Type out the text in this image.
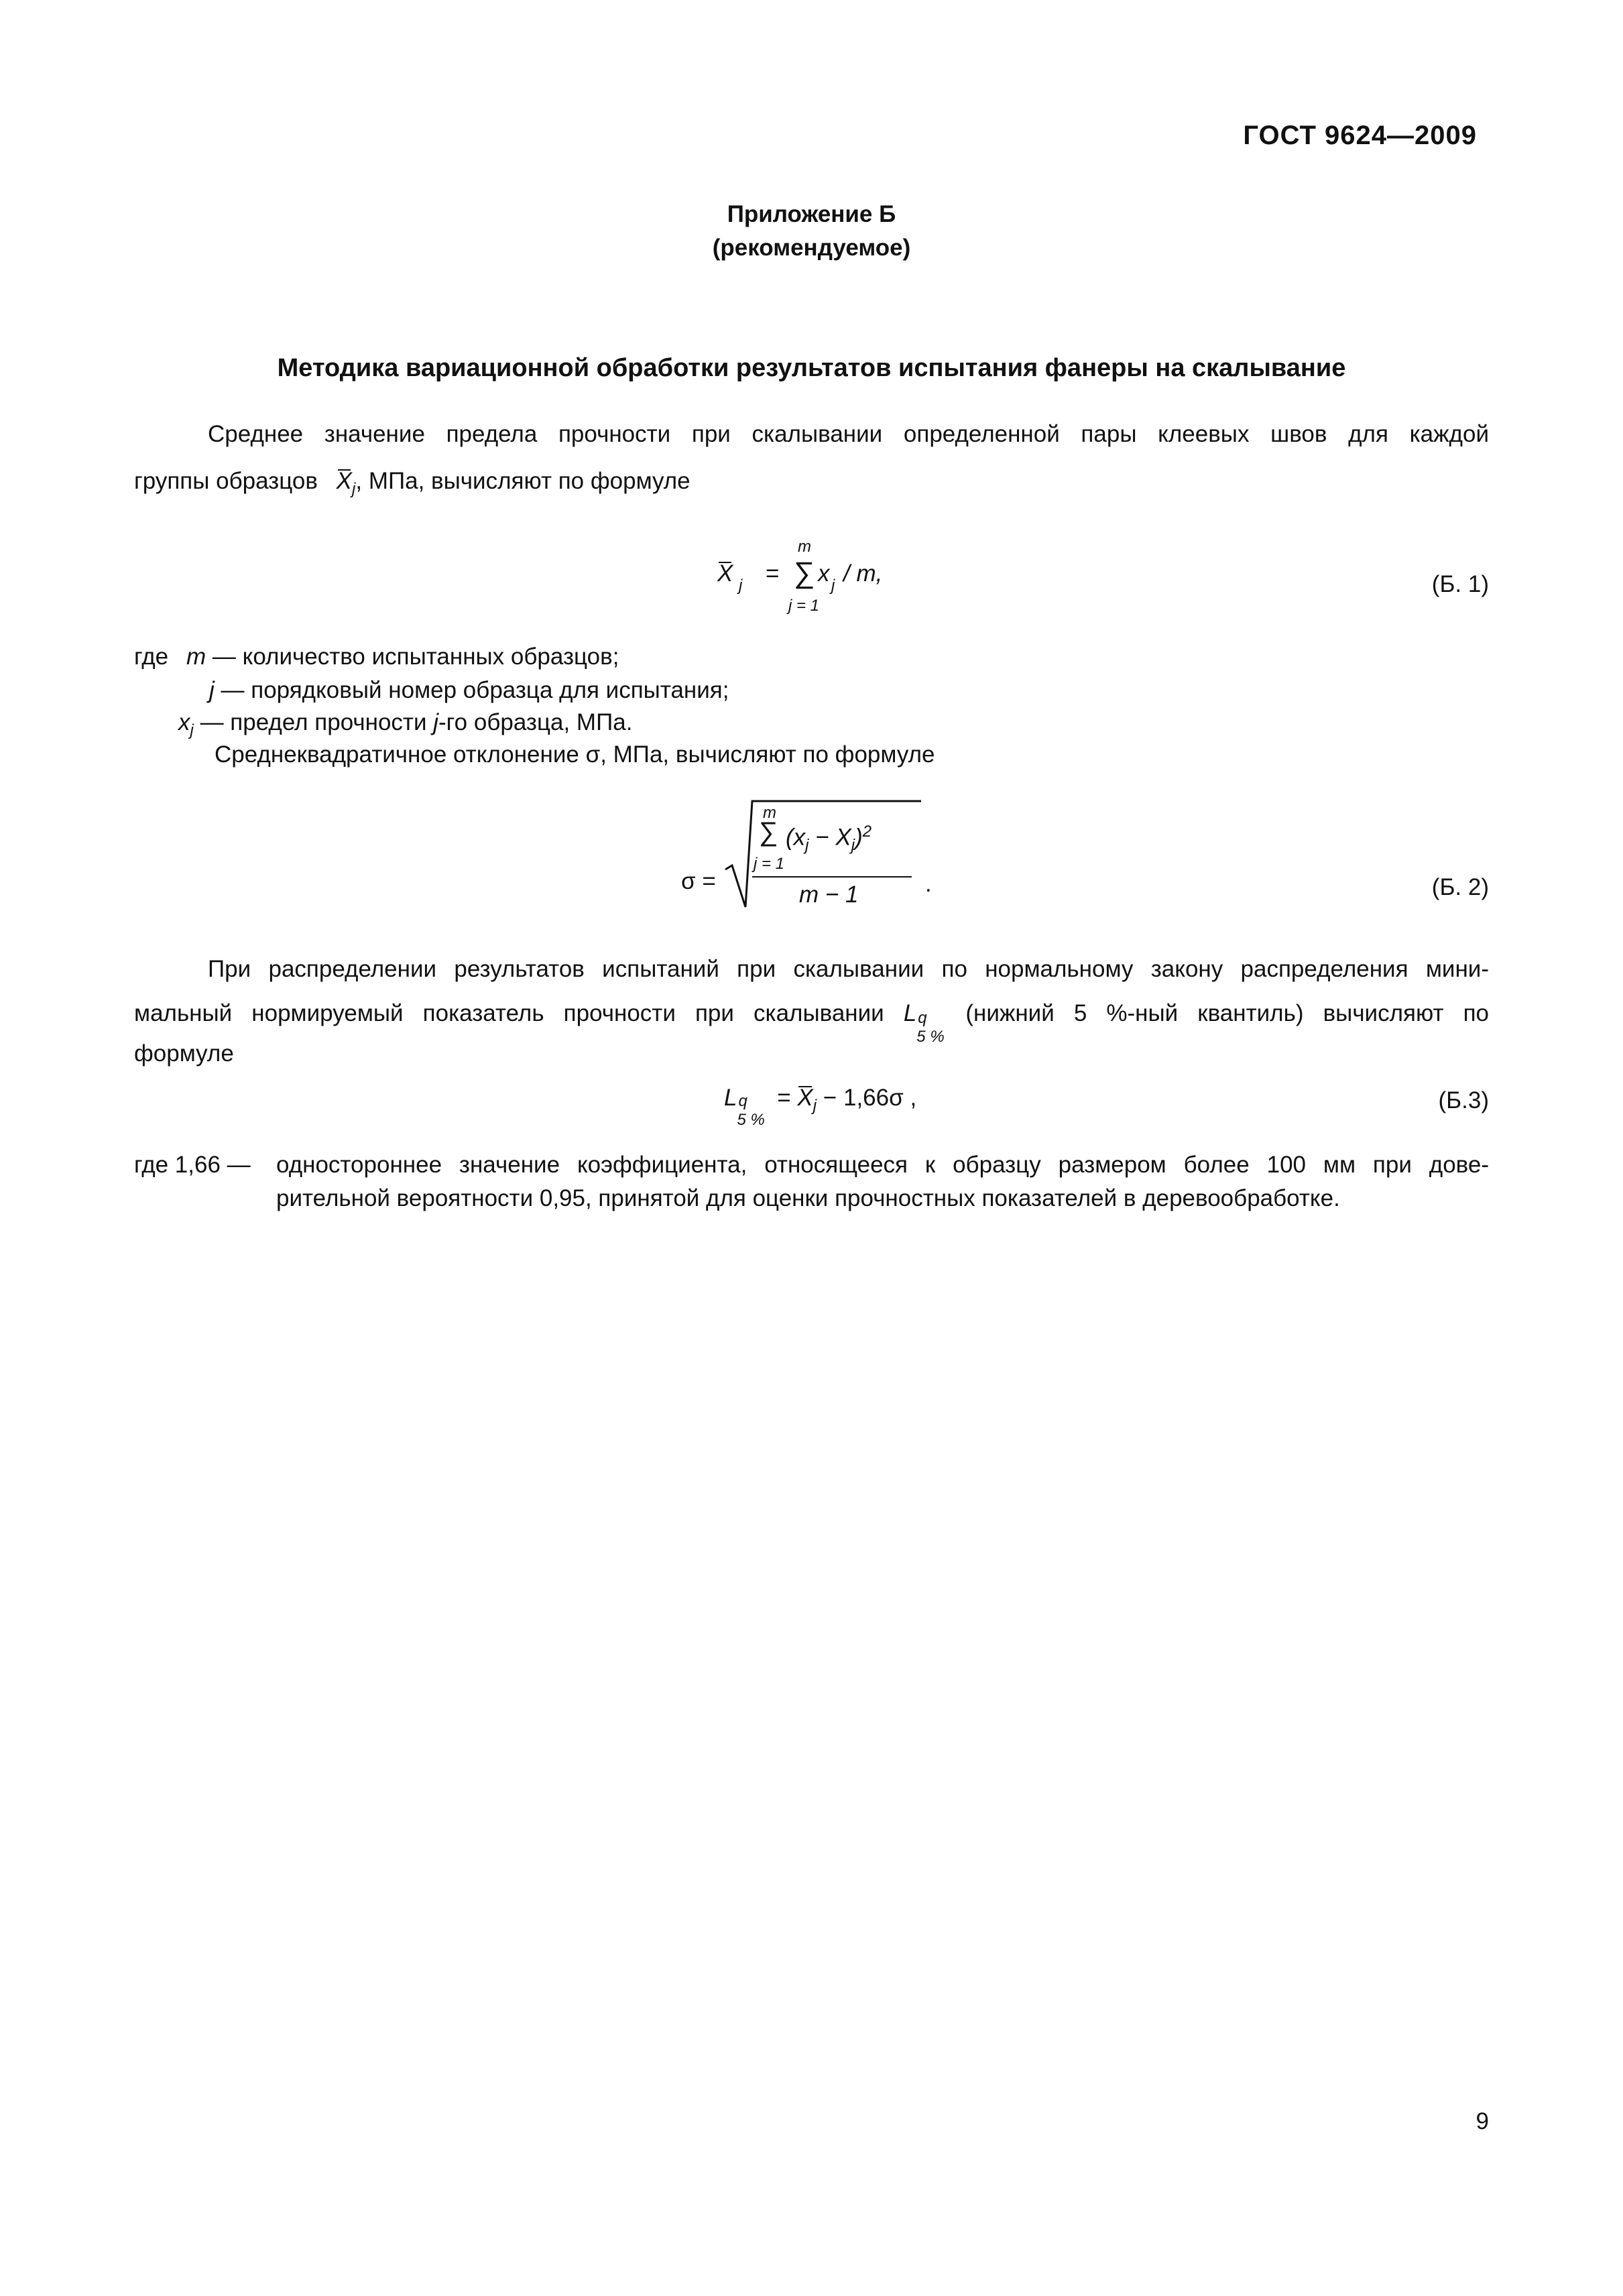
ГОСТ 9624—2009
Приложение Б
(рекомендуемое)
Методика вариационной обработки результатов испытания фанеры на скалывание
Среднее значение предела прочности при скалывании определенной пары клеевых швов для каждой
группы образцов $X_j$, МПа, вычисляют по формуле
X j =
m
∑
j = 1
x j / m,	(Б. 1)
где m — количество испытанных образцов;
j — порядковый номер образца для испытания;
$x_j$ — предел прочности j-го образца, МПа.
Среднеквадратичное отклонение σ, МПа, вычисляют по формуле
σ =
m
∑
j = 1
$(x_j - X_j)^2$
m − 1	.	(Б. 2)
При распределении результатов испытаний при скалывании по нормальному закону распределения мини-
мальный нормируемый показатель прочности при скалывании L q
5 %
(нижний 5 %-ный квантиль) вычисляют по
формуле
L q
5 %
= $X_j - 1,66\sigma$ ,	(Б.3)
где 1,66 — одностороннее значение коэффициента, относящееся к образцу размером более 100 мм при дове-
рительной вероятности 0,95, принятой для оценки прочностных показателей в деревообработке.
9
